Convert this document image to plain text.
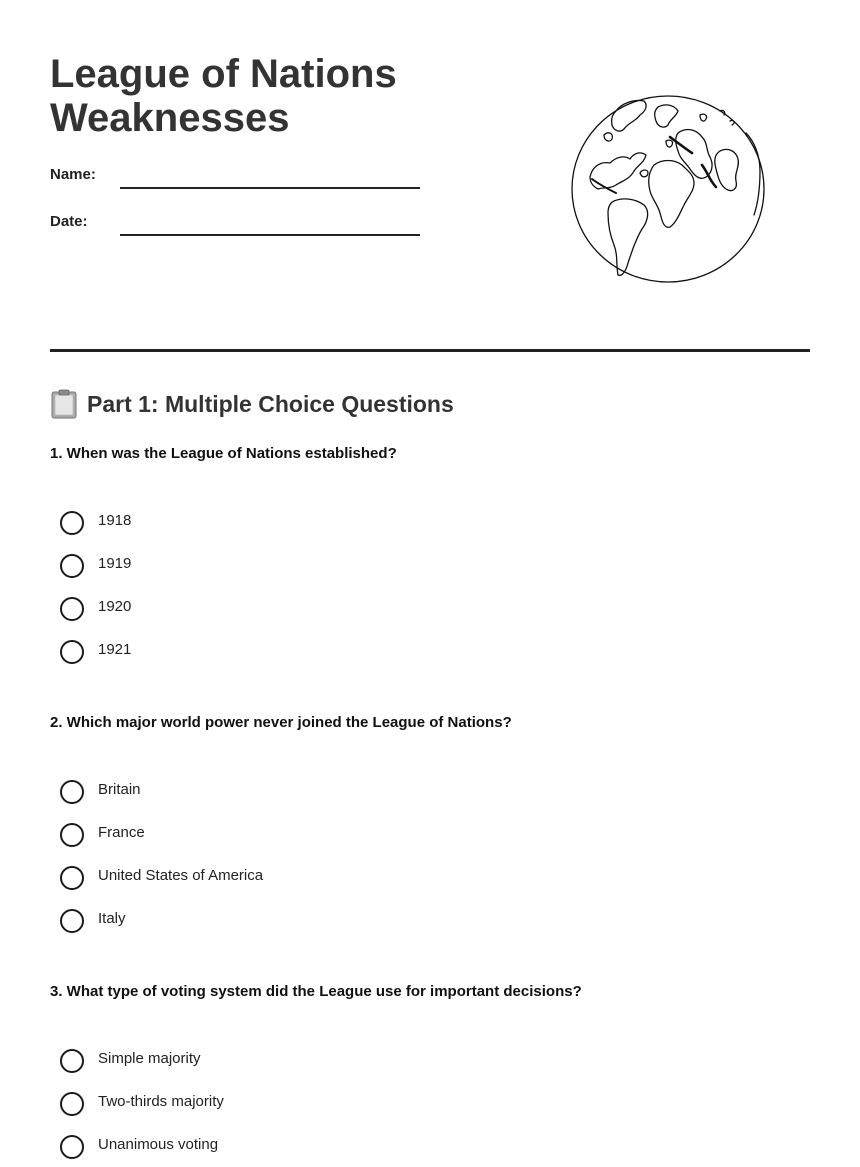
League of Nations
Weaknesses
Name:
Date:
Part 1: Multiple Choice Questions
1. When was the League of Nations established?
1918
1919
1920
1921
2. Which major world power never joined the League of Nations?
Britain
France
United States of America
Italy
3. What type of voting system did the League use for important decisions?
Simple majority
Two-thirds majority
Unanimous voting
